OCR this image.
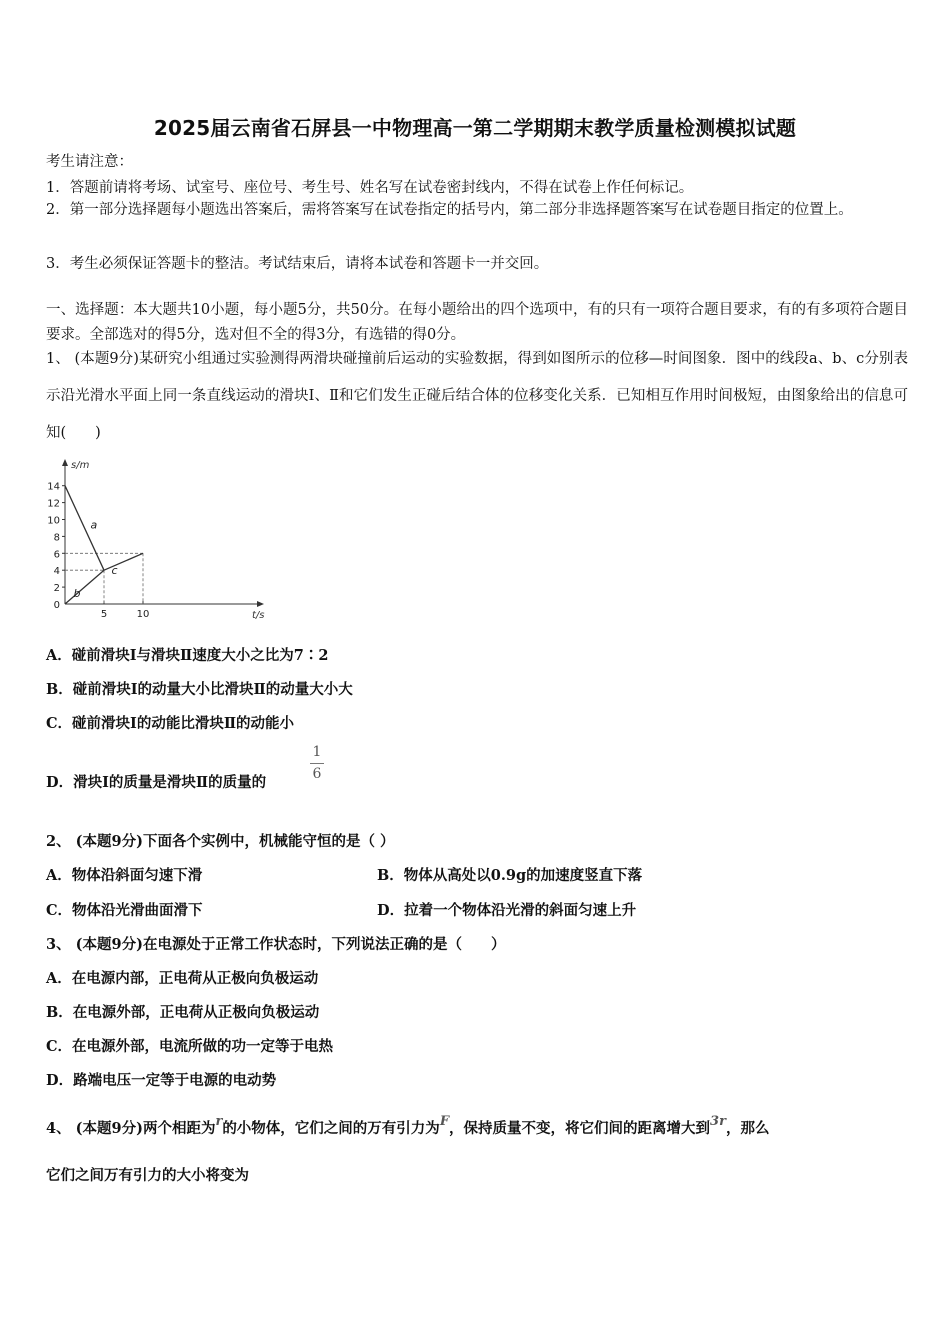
2025届云南省石屏县一中物理高一第二学期期末教学质量检测模拟试题
考生请注意：
1．答题前请将考场、试室号、座位号、考生号、姓名写在试卷密封线内，不得在试卷上作任何标记。
2．第一部分选择题每小题选出答案后，需将答案写在试卷指定的括号内，第二部分非选择题答案写在试卷题目指定的位置上。
3．考生必须保证答题卡的整洁。考试结束后，请将本试卷和答题卡一并交回。
一、选择题：本大题共10小题，每小题5分，共50分。在每小题给出的四个选项中，有的只有一项符合题目要求，有的有多项符合题目要求。全部选对的得5分，选对但不全的得3分，有选错的得0分。
1、 (本题9分)某研究小组通过实验测得两滑块碰撞前后运动的实验数据，得到如图所示的位移—时间图象．图中的线段a、b、c分别表示沿光滑水平面上同一条直线运动的滑块Ⅰ、Ⅱ和它们发生正碰后结合体的位移变化关系．已知相互作用时间极短，由图象给出的信息可知(　　)
s/m
t/s
14
12
10
8
6
4
2
0
5	10
a
b
c
A．碰前滑块Ⅰ与滑块Ⅱ速度大小之比为7∶2
B．碰前滑块Ⅰ的动量大小比滑块Ⅱ的动量大小大
C．碰前滑块Ⅰ的动能比滑块Ⅱ的动能小
D．滑块Ⅰ的质量是滑块Ⅱ的质量的
1
6
2、 (本题9分)下面各个实例中，机械能守恒的是（ ）
A．物体沿斜面匀速下滑	B．物体从高处以0.9g的加速度竖直下落
C．物体沿光滑曲面滑下	D．拉着一个物体沿光滑的斜面匀速上升
3、 (本题9分)在电源处于正常工作状态时，下列说法正确的是（　　）
A．在电源内部，正电荷从正极向负极运动
B．在电源外部，正电荷从正极向负极运动
C．在电源外部，电流所做的功一定等于电热
D．路端电压一定等于电源的电动势
4、 (本题9分)两个相距为r的小物体，它们之间的万有引力为F，保持质量不变，将它们间的距离增大到3r，那么
它们之间万有引力的大小将变为
